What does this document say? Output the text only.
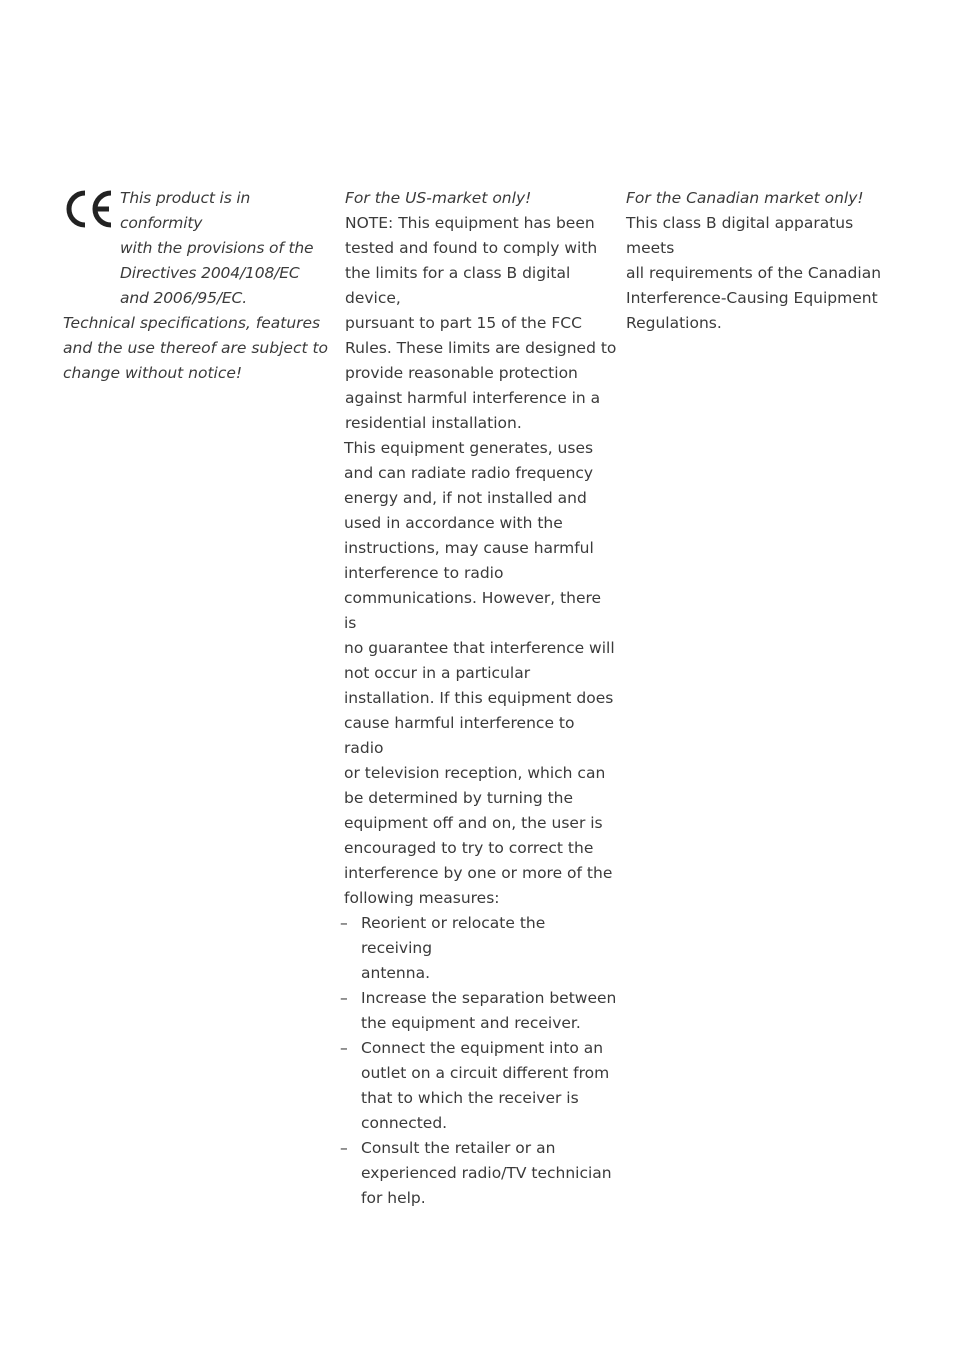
This product is in conformity
with the provisions of the
Directives 2004/108/EC
and 2006/95/EC.
Technical specifications, features
and the use thereof are subject to
change without notice!
For the US-market only!
NOTE: This equipment has been
tested and found to comply with
the limits for a class B digital device,
pursuant to part 15 of the FCC
Rules. These limits are designed to
provide reasonable protection
against harmful interference in a
residential installation.
This equipment generates, uses
and can radiate radio frequency
energy and, if not installed and
used in accordance with the
instructions, may cause harmful
interference to radio
communications. However, there is
no guarantee that interference will
not occur in a particular
installation. If this equipment does
cause harmful interference to radio
or television reception, which can
be determined by turning the
equipment off and on, the user is
encouraged to try to correct the
interference by one or more of the
following measures:
– Reorient or relocate the receiving
antenna.
– Increase the separation between
the equipment and receiver.
– Connect the equipment into an
outlet on a circuit different from
that to which the receiver is
connected.
– Consult the retailer or an
experienced radio/TV technician
for help.
For the Canadian market only!
This class B digital apparatus meets
all requirements of the Canadian
Interference-Causing Equipment
Regulations.
